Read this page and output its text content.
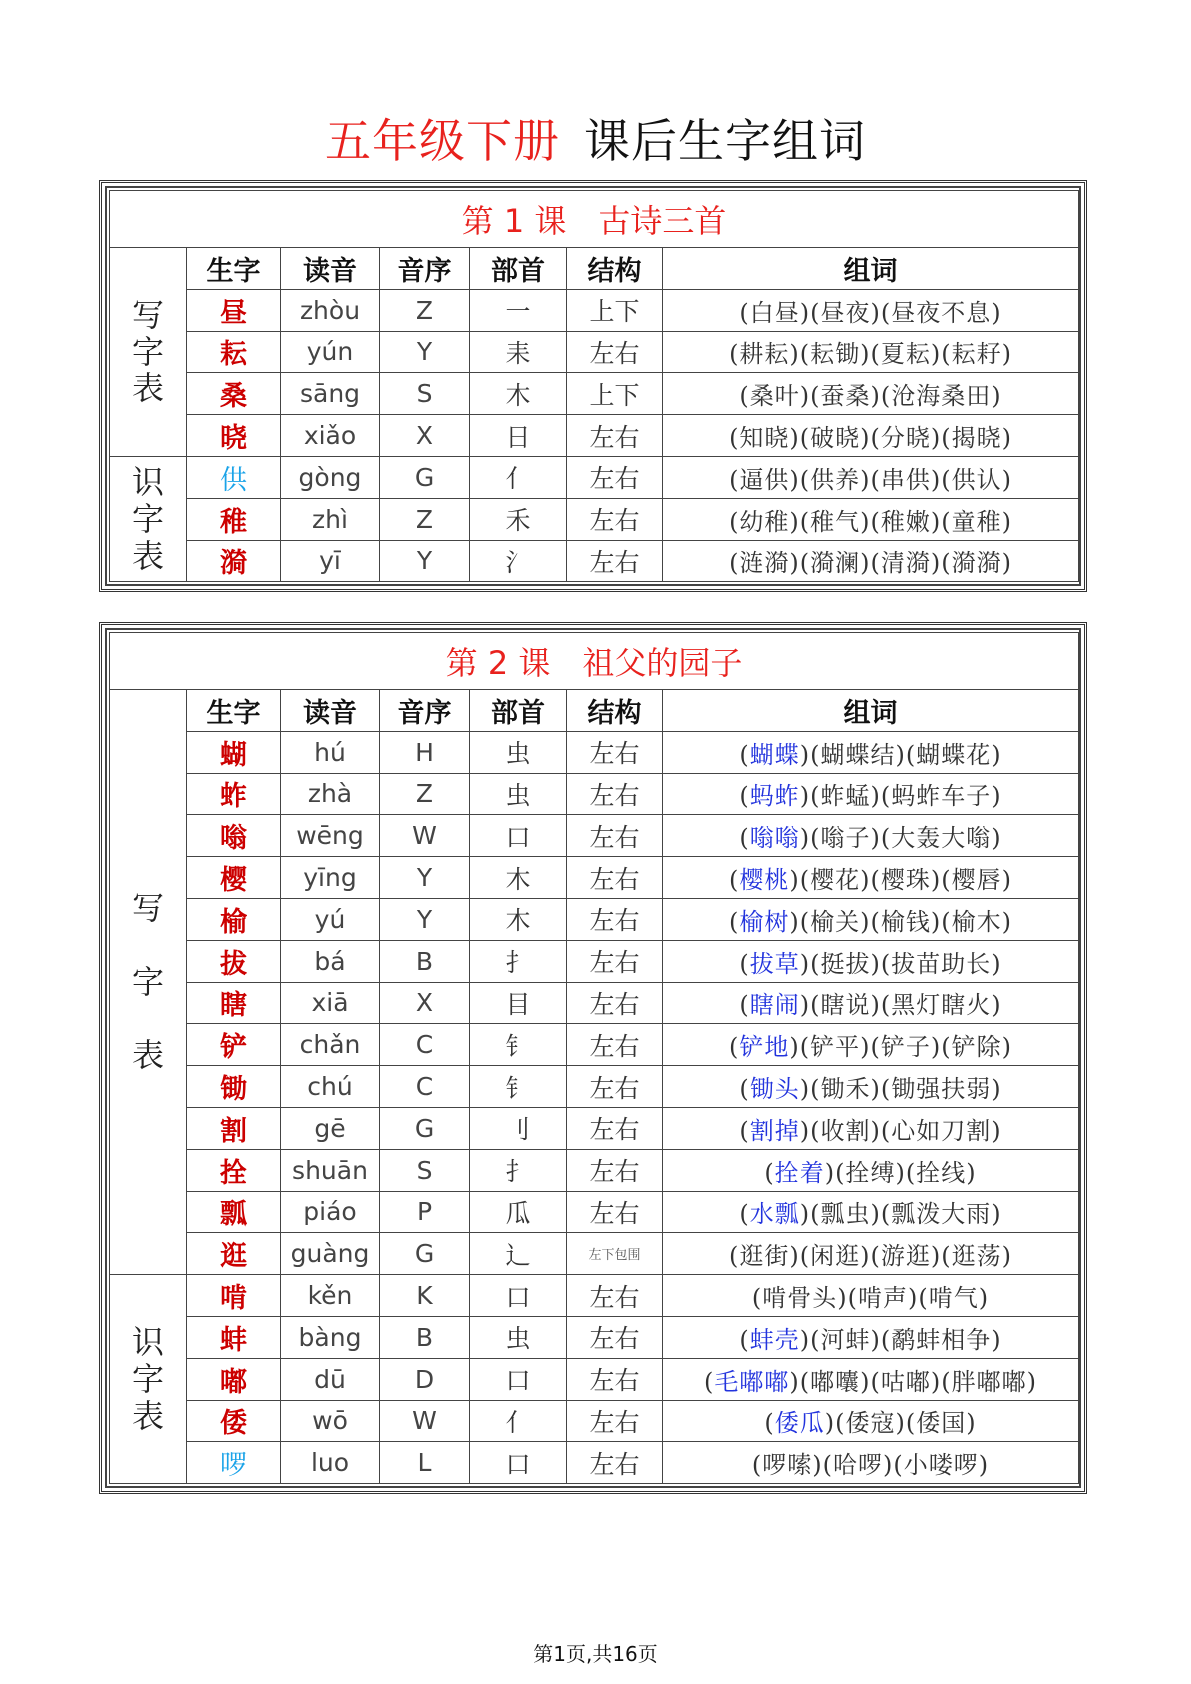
五年级下册 课后生字组词
第 1 课　古诗三首						
写
字
表	生字	读音	音序	部首	结构	组词
	昼	zhòu	Z	一	上下	(白昼)(昼夜)(昼夜不息)
	耘	yún	Y	耒	左右	(耕耘)(耘锄)(夏耘)(耘耔)
	桑	sāng	S	木	上下	(桑叶)(蚕桑)(沧海桑田)
	晓	xiǎo	X	日	左右	(知晓)(破晓)(分晓)(揭晓)
识
字
表	供	gòng	G	亻	左右	(逼供)(供养)(串供)(供认)
	稚	zhì	Z	禾	左右	(幼稚)(稚气)(稚嫩)(童稚)
	漪	yī	Y	氵	左右	(涟漪)(漪澜)(清漪)(漪漪)
第 2 课　祖父的园子						
写

字

表	生字	读音	音序	部首	结构	组词
	蝴	hú	H	虫	左右	(蝴蝶)(蝴蝶结)(蝴蝶花)
	蚱	zhà	Z	虫	左右	(蚂蚱)(蚱蜢)(蚂蚱车子)
	嗡	wēng	W	口	左右	(嗡嗡)(嗡子)(大轰大嗡)
	樱	yīng	Y	木	左右	(樱桃)(樱花)(樱珠)(樱唇)
	榆	yú	Y	木	左右	(榆树)(榆关)(榆钱)(榆木)
	拔	bá	B	扌	左右	(拔草)(挺拔)(拔苗助长)
	瞎	xiā	X	目	左右	(瞎闹)(瞎说)(黑灯瞎火)
	铲	chǎn	C	钅	左右	(铲地)(铲平)(铲子)(铲除)
	锄	chú	C	钅	左右	(锄头)(锄禾)(锄强扶弱)
	割	gē	G	刂	左右	(割掉)(收割)(心如刀割)
	拴	shuān	S	扌	左右	(拴着)(拴缚)(拴线)
	瓢	piáo	P	瓜	左右	(水瓢)(瓢虫)(瓢泼大雨)
	逛	guàng	G	辶	左下包围	(逛街)(闲逛)(游逛)(逛荡)
识
字
表	啃	kěn	K	口	左右	(啃骨头)(啃声)(啃气)
	蚌	bàng	B	虫	左右	(蚌壳)(河蚌)(鹬蚌相争)
	嘟	dū	D	口	左右	(毛嘟嘟)(嘟囔)(咕嘟)(胖嘟嘟)
	倭	wō	W	亻	左右	(倭瓜)(倭寇)(倭国)
	啰	luo	L	口	左右	(啰嗦)(哈啰)(小喽啰)
第1页,共16页
